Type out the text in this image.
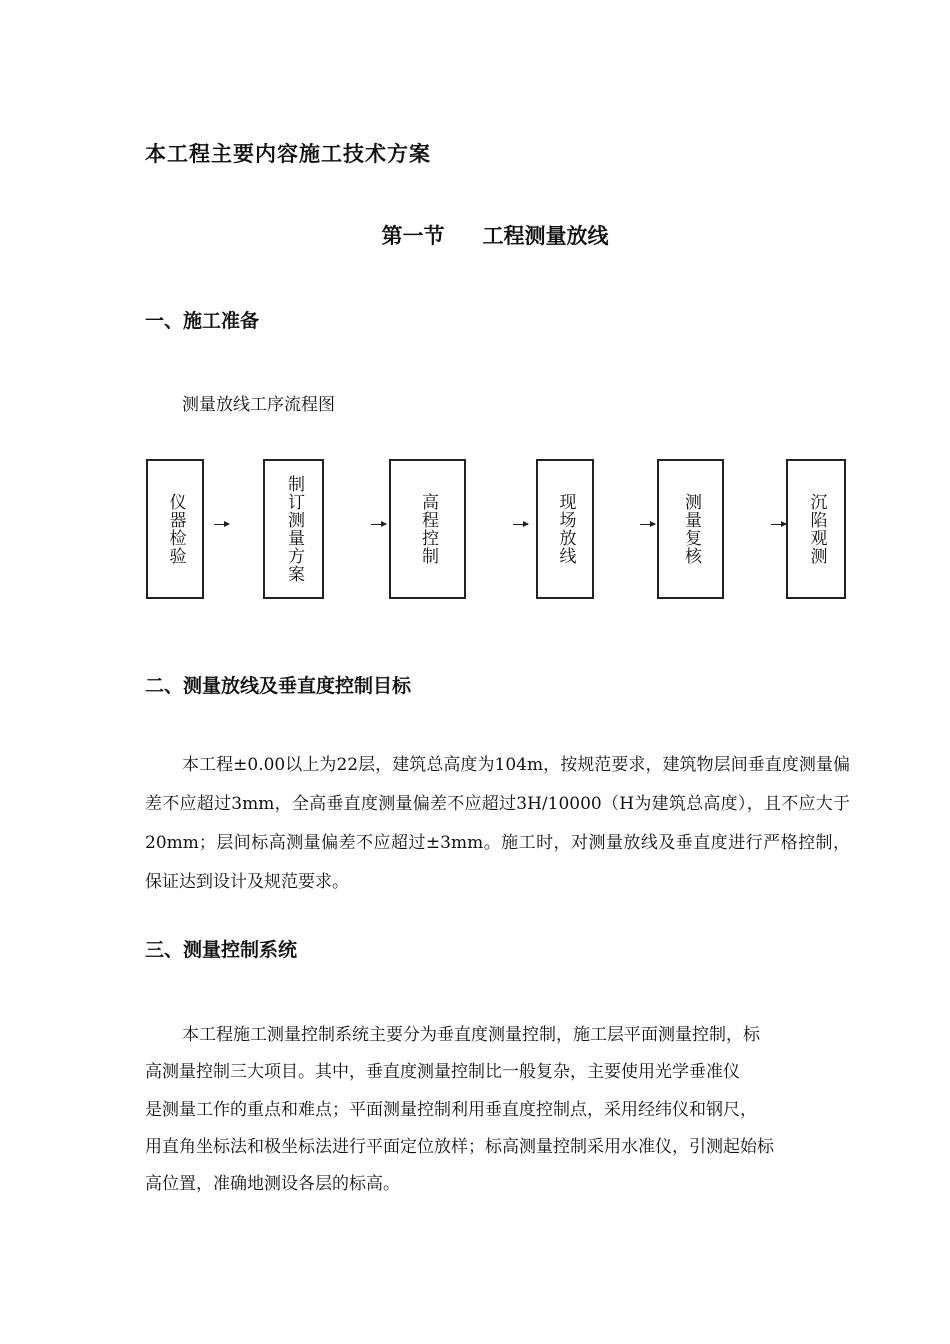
本工程主要内容施工技术方案
第一节 工程测量放线
一、施工准备
测量放线工序流程图
仪器检验	制订测量方案	高程控制	现场放线	测量复核	沉陷观测
二、测量放线及垂直度控制目标

本工程±0.00以上为22层，建筑总高度为104m，按规范要求，建筑物层间垂直度测量偏差不应超过3mm，全高垂直度测量偏差不应超过3H/10000（H为建筑总高度），且不应大于20mm；层间标高测量偏差不应超过±3mm。施工时，对测量放线及垂直度进行严格控制，保证达到设计及规范要求。

三、测量控制系统
本工程施工测量控制系统主要分为垂直度测量控制，施工层平面测量控制，标
高测量控制三大项目。其中，垂直度测量控制比一般复杂，主要使用光学垂准仪
是测量工作的重点和难点；平面测量控制利用垂直度控制点，采用经纬仪和钢尺，
用直角坐标法和极坐标法进行平面定位放样；标高测量控制采用水准仪，引测起始标
高位置，准确地测设各层的标高。
